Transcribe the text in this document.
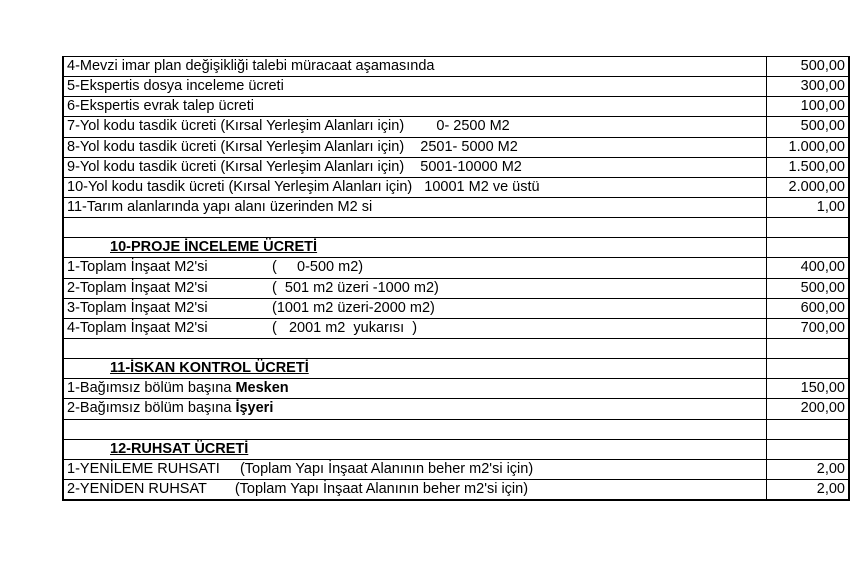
4-Mevzi imar plan değişikliği talebi müracaat aşamasında	500,00
5-Ekspertis dosya inceleme ücreti	300,00
6-Ekspertis evrak talep ücreti	100,00
7-Yol kodu tasdik ücreti (Kırsal Yerleşim Alanları için)        0- 2500 M2	500,00
8-Yol kodu tasdik ücreti (Kırsal Yerleşim Alanları için)    2501- 5000 M2	1.000,00
9-Yol kodu tasdik ücreti (Kırsal Yerleşim Alanları için)    5001-10000 M2	1.500,00
10-Yol kodu tasdik ücreti (Kırsal Yerleşim Alanları için)   10001 M2 ve üstü	2.000,00
11-Tarım alanlarında yapı alanı üzerinden M2 si	1,00

10-PROJE İNCELEME ÜCRETİ	
1-Toplam İnşaat M2'si                (     0-500 m2)	400,00
2-Toplam İnşaat M2'si                (  501 m2 üzeri -1000 m2)	500,00
3-Toplam İnşaat M2'si                (1001 m2 üzeri-2000 m2)	600,00
4-Toplam İnşaat M2'si                (   2001 m2  yukarısı  )	700,00

11-İSKAN KONTROL ÜCRETİ	
1-Bağımsız bölüm başına Mesken	150,00
2-Bağımsız bölüm başına İşyeri	200,00

12-RUHSAT ÜCRETİ	
1-YENİLEME RUHSATI     (Toplam Yapı İnşaat Alanının beher m2'si için)	2,00
2-YENİDEN RUHSAT       (Toplam Yapı İnşaat Alanının beher m2'si için)	2,00
